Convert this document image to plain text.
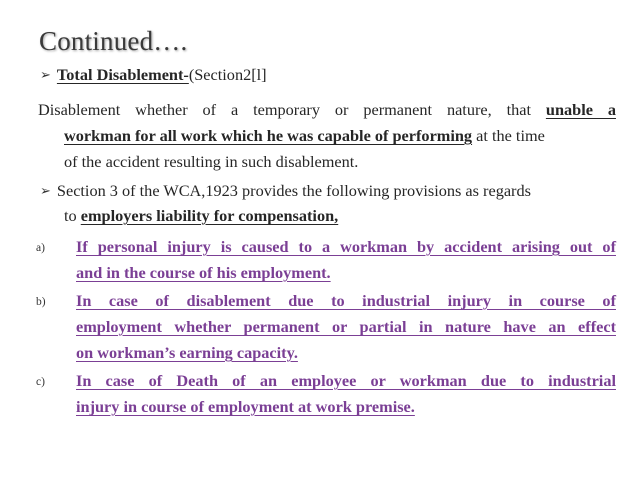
Continued….
➢ Total Disablement-(Section2[l]
Disablement whether of a temporary or permanent nature, that unable a
workman for all work which he was capable of performing at the time
of the accident resulting in such disablement.
➢ Section 3 of the WCA,1923 provides the following provisions as regards
to employers liability for compensation,
a) If personal injury is caused to a workman by accident arising out of
and in the course of his employment.
b) In case of disablement due to industrial injury in course of
employment whether permanent or partial in nature have an effect
on workman’s earning capacity.
c) In case of Death of an employee or workman due to industrial
injury in course of employment at work premise.
